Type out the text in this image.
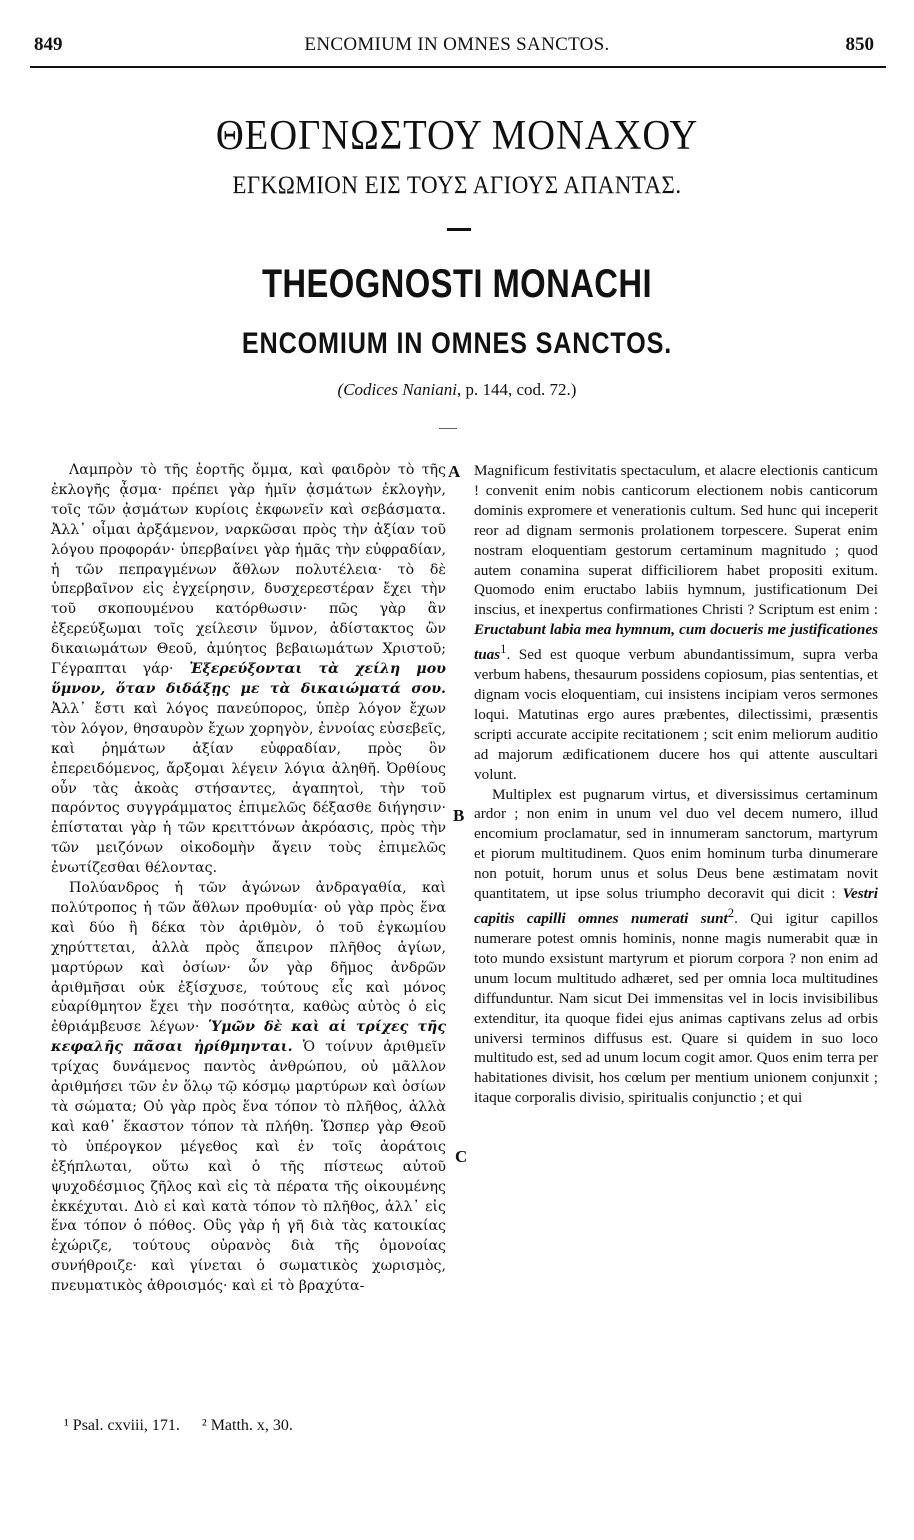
849	ENCOMIUM IN OMNES SANCTOS.	850
ΘΕΟΓΝΩΣΤΟΥ ΜΟΝΑΧΟΥ
ΕΓΚΩΜΙΟΝ ΕΙΣ ΤΟΥΣ ΑΓΙΟΥΣ ΑΠΑΝΤΑΣ.
THEOGNOSTI MONACHI
ENCOMIUM IN OMNES SANCTOS.
(Codices Naniani, p. 144, cod. 72.)

Λαμπρὸν τὸ τῆς ἑορτῆς ὄμμα, καὶ φαιδρὸν τὸ τῆς ἐκλογῆς ᾆσμα· πρέπει γὰρ ἡμῖν ᾀσμάτων ἐκλογὴν, τοῖς τῶν ᾀσμάτων κυρίοις ἐκφωνεῖν καὶ σεβάσματα. Ἀλλ᾽ οἶμαι ἀρξάμενον, ναρκῶσαι πρὸς τὴν ἀξίαν τοῦ λόγου προφοράν· ὑπερβαίνει γὰρ ἡμᾶς τὴν εὐφραδίαν, ἡ τῶν πεπραγμένων ἄθλων πολυτέλεια· τὸ δὲ ὑπερβαῖνον εἰς ἐγχείρησιν, δυσχερεστέραν ἔχει τὴν τοῦ σκοπουμένου κατόρθωσιν· πῶς γὰρ ἂν ἐξερεύξωμαι τοῖς χείλεσιν ὕμνον, ἀδίστακτος ὢν δικαιωμάτων Θεοῦ, ἀμύητος βεβαιωμάτων Χριστοῦ; Γέγραπται γάρ· Ἐξερεύξονται τὰ χείλη μου ὕμνον, ὅταν διδάξῃς με τὰ δικαιώματά σου. Ἀλλ᾽ ἔστι καὶ λόγος πανεύπορος, ὑπὲρ λόγον ἔχων τὸν λόγον, θησαυρὸν ἔχων χορηγὸν, ἐννοίας εὐσεβεῖς, καὶ ῥημάτων ἀξίαν εὐφραδίαν, πρὸς ὃν ἐπερειδόμενος, ἄρξομαι λέγειν λόγια ἀληθῆ. Ὀρθίους οὖν τὰς ἀκοὰς στήσαντες, ἀγαπητοὶ, τὴν τοῦ παρόντος συγγράμματος ἐπιμελῶς δέξασθε διήγησιν· ἐπίσταται γὰρ ἡ τῶν κρειττόνων ἀκρόασις, πρὸς τὴν τῶν μειζόνων οἰκοδομὴν ἄγειν τοὺς ἐπιμελῶς ἐνωτίζεσθαι θέλοντας.

Πολύανδρος ἡ τῶν ἀγώνων ἀνδραγαθία, καὶ πολύτροπος ἡ τῶν ἄθλων προθυμία· οὐ γὰρ πρὸς ἕνα καὶ δύο ἢ δέκα τὸν ἀριθμὸν, ὁ τοῦ ἐγκωμίου χηρύττεται, ἀλλὰ πρὸς ἄπειρον πλῆθος ἁγίων, μαρτύρων καὶ ὁσίων· ὧν γὰρ δῆμος ἀνδρῶν ἀριθμῆσαι οὐκ ἐξίσχυσε, τούτους εἷς καὶ μόνος εὐαρίθμητον ἔχει τὴν ποσότητα, καθὼς αὐτὸς ὁ εἰς ἐθριάμβευσε λέγων· Ὑμῶν δὲ καὶ αἱ τρίχες τῆς κεφαλῆς πᾶσαι ἠρίθμηνται. Ὁ τοίνυν ἀριθμεῖν τρίχας δυνάμενος παντὸς ἀνθρώπου, οὐ μᾶλλον ἀριθμήσει τῶν ἐν ὅλῳ τῷ κόσμῳ μαρτύρων καὶ ὁσίων τὰ σώματα; Οὐ γὰρ πρὸς ἕνα τόπον τὸ πλῆθος, ἀλλὰ καὶ καθ᾽ ἕκαστον τόπον τὰ πλήθη. Ὥσπερ γὰρ Θεοῦ τὸ ὑπέρογκον μέγεθος καὶ ἐν τοῖς ἀοράτοις ἐξήπλωται, οὕτω καὶ ὁ τῆς πίστεως αὐτοῦ ψυχοδέσμιος ζῆλος καὶ εἰς τὰ πέρατα τῆς οἰκουμένης ἐκκέχυται. Διὸ εἰ καὶ κατὰ τόπον τὸ πλῆθος, ἀλλ᾽ εἰς ἕνα τόπον ὁ πόθος. Οὓς γὰρ ἡ γῆ διὰ τὰς κατοικίας ἐχώριζε, τούτους οὐρανὸς διὰ τῆς ὁμονοίας συνήθροιζε· καὶ γίνεται ὁ σωματικὸς χωρισμὸς, πνευματικὸς ἀθροισμός· καὶ εἰ τὸ βραχύτα-

A
B
C

Magnificum festivitatis spectaculum, et alacre electionis canticum ! convenit enim nobis canticorum electionem nobis canticorum dominis expromere et venerationis cultum. Sed hunc qui inceperit reor ad dignam sermonis prolationem torpescere. Superat enim nostram eloquentiam gestorum certaminum magnitudo ; quod autem conamina superat difficiliorem habet propositi exitum. Quomodo enim eructabo labiis hymnum, justificationum Dei inscius, et inexpertus confirmationes Christi ? Scriptum est enim : Eructabunt labia mea hymnum, cum docueris me justificationes tuas$^1$. Sed est quoque verbum abundantissimum, supra verba verbum habens, thesaurum possidens copiosum, pias sententias, et dignam vocis eloquentiam, cui insistens incipiam veros sermones loqui. Matutinas ergo aures præbentes, dilectissimi, præsentis scripti accurate accipite recitationem ; scit enim meliorum auditio ad majorum ædificationem ducere hos qui attente auscultari volunt.

Multiplex est pugnarum virtus, et diversissimus certaminum ardor ; non enim in unum vel duo vel decem numero, illud encomium proclamatur, sed in innumeram sanctorum, martyrum et piorum multitudinem. Quos enim hominum turba dinumerare non potuit, horum unus et solus Deus bene æstimatam novit quantitatem, ut ipse solus triumpho decoravit qui dicit : Vestri capitis capilli omnes numerati sunt$^2$. Qui igitur capillos numerare potest omnis hominis, nonne magis numerabit quæ in toto mundo exsistunt martyrum et piorum corpora ? non enim ad unum locum multitudo adhæret, sed per omnia loca multitudines diffunduntur. Nam sicut Dei immensitas vel in locis invisibilibus extenditur, ita quoque fidei ejus animas captivans zelus ad orbis universi terminos diffusus est. Quare si quidem in suo loco multitudo est, sed ad unum locum cogit amor. Quos enim terra per habitationes divisit, hos cœlum per mentium unionem conjunxit ; itaque corporalis divisio, spiritualis conjunctio ; et qui

¹ Psal. cxviii, 171. ² Matth. x, 30.
